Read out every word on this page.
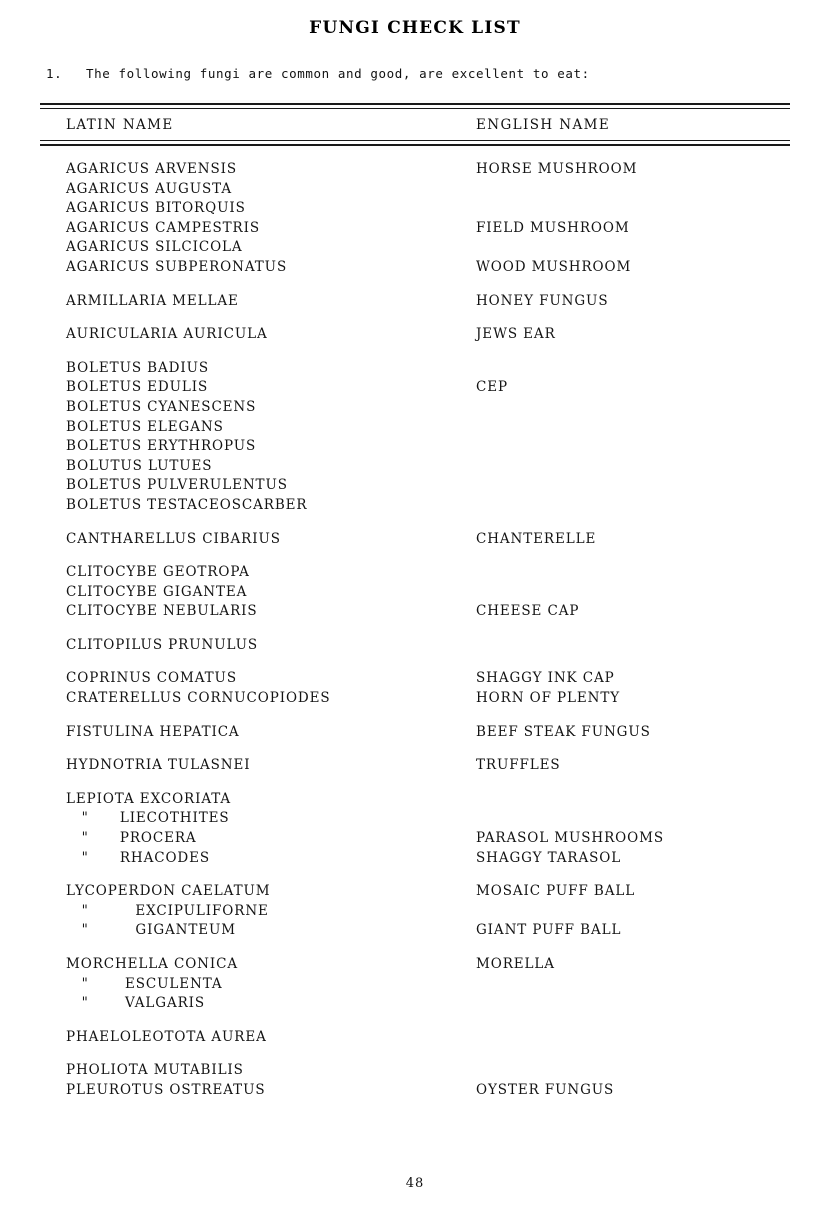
FUNGI CHECK LIST
1.	The following fungi are common and good, are excellent to eat:
LATIN NAME	ENGLISH NAME
AGARICUS ARVENSIS	HORSE MUSHROOM
AGARICUS AUGUSTA
AGARICUS BITORQUIS
AGARICUS CAMPESTRIS	FIELD MUSHROOM
AGARICUS SILCICOLA
AGARICUS SUBPERONATUS	WOOD MUSHROOM
ARMILLARIA MELLAE	HONEY FUNGUS
AURICULARIA AURICULA	JEWS EAR
BOLETUS BADIUS
BOLETUS EDULIS	CEP
BOLETUS CYANESCENS
BOLETUS ELEGANS
BOLETUS ERYTHROPUS
BOLUTUS LUTUES
BOLETUS PULVERULENTUS
BOLETUS TESTACEOSCARBER
CANTHARELLUS CIBARIUS	CHANTERELLE
CLITOCYBE GEOTROPA
CLITOCYBE GIGANTEA
CLITOCYBE NEBULARIS	CHEESE CAP
CLITOPILUS PRUNULUS
COPRINUS COMATUS	SHAGGY INK CAP
CRATERELLUS CORNUCOPIODES	HORN OF PLENTY
FISTULINA HEPATICA	BEEF STEAK FUNGUS
HYDNOTRIA TULASNEI	TRUFFLES
LEPIOTA EXCORIATA
"      LIECOTHITES
"      PROCERA	PARASOL MUSHROOMS
"      RHACODES	SHAGGY TARASOL
LYCOPERDON CAELATUM	MOSAIC PUFF BALL
"         EXCIPULIFORNE
"         GIGANTEUM	GIANT PUFF BALL
MORCHELLA CONICA	MORELLA
"       ESCULENTA
"       VALGARIS
PHAELOLEOTOTA AUREA
PHOLIOTA MUTABILIS
PLEUROTUS OSTREATUS	OYSTER FUNGUS
48
